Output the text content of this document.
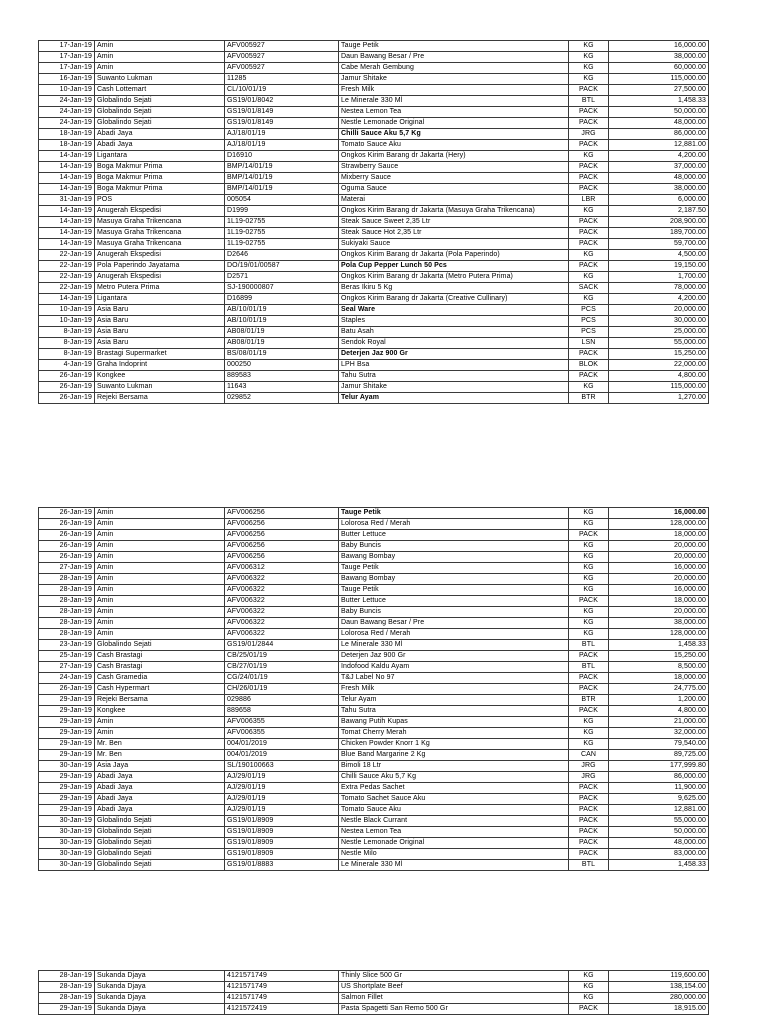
17-Jan-19	Amin	AFV005927	Tauge Petik	KG	16,000.00
17-Jan-19	Amin	AFV005927	Daun Bawang Besar / Pre	KG	38,000.00
17-Jan-19	Amin	AFV005927	Cabe Merah Gembung	KG	60,000.00
16-Jan-19	Suwanto Lukman	11285	Jamur Shitake	KG	115,000.00
10-Jan-19	Cash Lottemart	CL/10/01/19	Fresh Milk	PACK	27,500.00
24-Jan-19	Globalindo Sejati	GS19/01/8042	Le Minerale 330 Ml	BTL	1,458.33
24-Jan-19	Globalindo Sejati	GS19/01/8149	Nestea Lemon Tea	PACK	50,000.00
24-Jan-19	Globalindo Sejati	GS19/01/8149	Nestle Lemonade Original	PACK	48,000.00
18-Jan-19	Abadi Jaya	AJ/18/01/19	Chilli Sauce Aku 5,7 Kg	JRG	86,000.00
18-Jan-19	Abadi Jaya	AJ/18/01/19	Tomato Sauce Aku	PACK	12,881.00
14-Jan-19	Ligantara	D16910	Ongkos Kirim Barang dr Jakarta (Hery)	KG	4,200.00
14-Jan-19	Boga Makmur Prima	BMP/14/01/19	Strawberry Sauce	PACK	37,000.00
14-Jan-19	Boga Makmur Prima	BMP/14/01/19	Mixberry Sauce	PACK	48,000.00
14-Jan-19	Boga Makmur Prima	BMP/14/01/19	Oguma Sauce	PACK	38,000.00
31-Jan-19	POS	005054	Materai	LBR	6,000.00
14-Jan-19	Anugerah Ekspedisi	D1999	Ongkos Kirim Barang dr Jakarta (Masuya Graha Trikencana)	KG	2,187.50
14-Jan-19	Masuya Graha Trikencana	1L19-02755	Steak Sauce Sweet 2,35 Ltr	PACK	208,900.00
14-Jan-19	Masuya Graha Trikencana	1L19-02755	Steak Sauce Hot 2,35 Ltr	PACK	189,700.00
14-Jan-19	Masuya Graha Trikencana	1L19-02755	Sukiyaki Sauce	PACK	59,700.00
22-Jan-19	Anugerah Ekspedisi	D2646	Ongkos Kirim Barang dr Jakarta (Pola Paperindo)	KG	4,500.00
22-Jan-19	Pola Paperindo Jayatama	DO/19/01/00587	Pola Cup Pepper Lunch 50 Pcs	PACK	19,150.00
22-Jan-19	Anugerah Ekspedisi	D2571	Ongkos Kirim Barang dr Jakarta (Metro Putera Prima)	KG	1,700.00
22-Jan-19	Metro Putera Prima	SJ-190000807	Beras Ikiru 5 Kg	SACK	78,000.00
14-Jan-19	Ligantara	D16899	Ongkos Kirim Barang dr Jakarta (Creative Cullinary)	KG	4,200.00
10-Jan-19	Asia Baru	AB/10/01/19	Seal Ware	PCS	20,000.00
10-Jan-19	Asia Baru	AB/10/01/19	Staples	PCS	30,000.00
8-Jan-19	Asia Baru	AB08/01/19	Batu Asah	PCS	25,000.00
8-Jan-19	Asia Baru	AB08/01/19	Sendok Royal	LSN	55,000.00
8-Jan-19	Brastagi Supermarket	BS/08/01/19	Deterjen Jaz 900 Gr	PACK	15,250.00
4-Jan-19	Graha Indoprint	000250	LPH Bsa	BLOK	22,000.00
26-Jan-19	Kongkee	889583	Tahu Sutra	PACK	4,800.00
26-Jan-19	Suwanto Lukman	11643	Jamur Shitake	KG	115,000.00
26-Jan-19	Rejeki Bersama	029852	Telur Ayam	BTR	1,270.00
26-Jan-19	Amin	AFV006256	Tauge Petik	KG	16,000.00
26-Jan-19	Amin	AFV006256	Lolorosa Red / Merah	KG	128,000.00
26-Jan-19	Amin	AFV006256	Butter Lettuce	PACK	18,000.00
26-Jan-19	Amin	AFV006256	Baby Buncis	KG	20,000.00
26-Jan-19	Amin	AFV006256	Bawang Bombay	KG	20,000.00
27-Jan-19	Amin	AFV006312	Tauge Petik	KG	16,000.00
28-Jan-19	Amin	AFV006322	Bawang Bombay	KG	20,000.00
28-Jan-19	Amin	AFV006322	Tauge Petik	KG	16,000.00
28-Jan-19	Amin	AFV006322	Butter Lettuce	PACK	18,000.00
28-Jan-19	Amin	AFV006322	Baby Buncis	KG	20,000.00
28-Jan-19	Amin	AFV006322	Daun Bawang Besar / Pre	KG	38,000.00
28-Jan-19	Amin	AFV006322	Lolorosa Red / Merah	KG	128,000.00
23-Jan-19	Globalindo Sejati	GS19/01/2844	Le Minerale 330 Ml	BTL	1,458.33
25-Jan-19	Cash Brastagi	CB/25/01/19	Deterjen Jaz 900 Gr	PACK	15,250.00
27-Jan-19	Cash Brastagi	CB/27/01/19	Indofood Kaldu Ayam	BTL	8,500.00
24-Jan-19	Cash Gramedia	CG/24/01/19	T&J Label No 97	PACK	18,000.00
26-Jan-19	Cash Hypermart	CH/26/01/19	Fresh Milk	PACK	24,775.00
29-Jan-19	Rejeki Bersama	029886	Telur Ayam	BTR	1,200.00
29-Jan-19	Kongkee	889658	Tahu Sutra	PACK	4,800.00
29-Jan-19	Amin	AFV006355	Bawang Putih Kupas	KG	21,000.00
29-Jan-19	Amin	AFV006355	Tomat Cherry Merah	KG	32,000.00
29-Jan-19	Mr. Ben	004/01/2019	Chicken Powder Knorr 1 Kg	KG	79,540.00
29-Jan-19	Mr. Ben	004/01/2019	Blue Band Margarine 2 Kg	CAN	89,725.00
30-Jan-19	Asia Jaya	SL/190100663	Bimoli 18 Ltr	JRG	177,999.80
29-Jan-19	Abadi Jaya	AJ/29/01/19	Chilli Sauce Aku 5,7 Kg	JRG	86,000.00
29-Jan-19	Abadi Jaya	AJ/29/01/19	Extra Pedas Sachet	PACK	11,900.00
29-Jan-19	Abadi Jaya	AJ/29/01/19	Tomato Sachet Sauce Aku	PACK	9,625.00
29-Jan-19	Abadi Jaya	AJ/29/01/19	Tomato Sauce Aku	PACK	12,881.00
30-Jan-19	Globalindo Sejati	GS19/01/8909	Nestle Black Currant	PACK	55,000.00
30-Jan-19	Globalindo Sejati	GS19/01/8909	Nestea Lemon Tea	PACK	50,000.00
30-Jan-19	Globalindo Sejati	GS19/01/8909	Nestle Lemonade Original	PACK	48,000.00
30-Jan-19	Globalindo Sejati	GS19/01/8909	Nestle Milo	PACK	83,000.00
30-Jan-19	Globalindo Sejati	GS19/01/8883	Le Minerale 330 Ml	BTL	1,458.33
28-Jan-19	Sukanda Djaya	4121571749	Thinly Slice 500 Gr	KG	119,600.00
28-Jan-19	Sukanda Djaya	4121571749	US Shortplate Beef	KG	138,154.00
28-Jan-19	Sukanda Djaya	4121571749	Salmon Fillet	KG	280,000.00
29-Jan-19	Sukanda Djaya	4121572419	Pasta Spagetti San Remo 500 Gr	PACK	18,915.00
